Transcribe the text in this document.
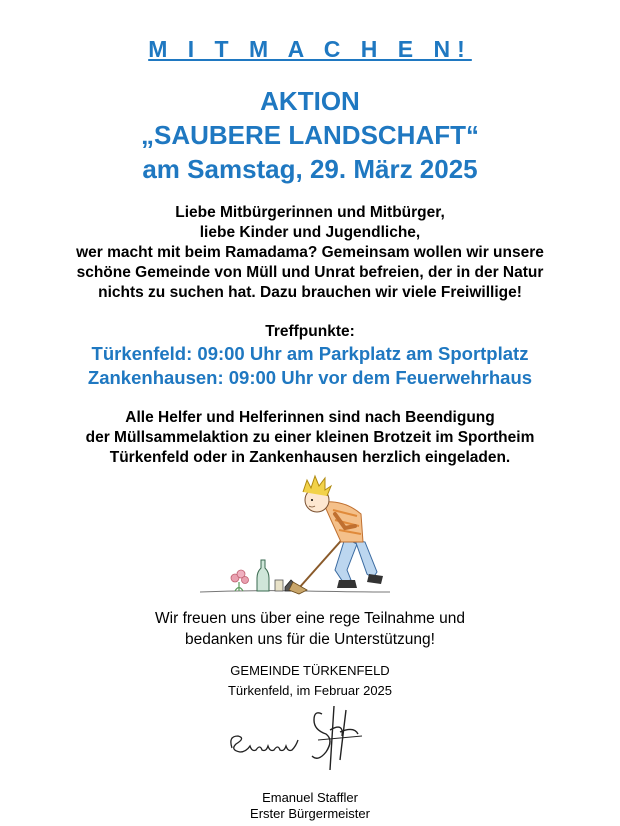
M I T M A C H E N!
AKTION
„SAUBERE LANDSCHAFT“
am Samstag, 29. März 2025
Liebe Mitbürgerinnen und Mitbürger,
liebe Kinder und Jugendliche,
wer macht mit beim Ramadama? Gemeinsam wollen wir unsere
schöne Gemeinde von Müll und Unrat befreien, der in der Natur
nichts zu suchen hat. Dazu brauchen wir viele Freiwillige!
Treffpunkte:
Türkenfeld: 09:00 Uhr am Parkplatz am Sportplatz
Zankenhausen: 09:00 Uhr vor dem Feuerwehrhaus
Alle Helfer und Helferinnen sind nach Beendigung
der Müllsammelaktion zu einer kleinen Brotzeit im Sportheim
Türkenfeld oder in Zankenhausen herzlich eingeladen.
Wir freuen uns über eine rege Teilnahme und
bedanken uns für die Unterstützung!
GEMEINDE TÜRKENFELD
Türkenfeld, im Februar 2025
Emanuel Staffler
Erster Bürgermeister
